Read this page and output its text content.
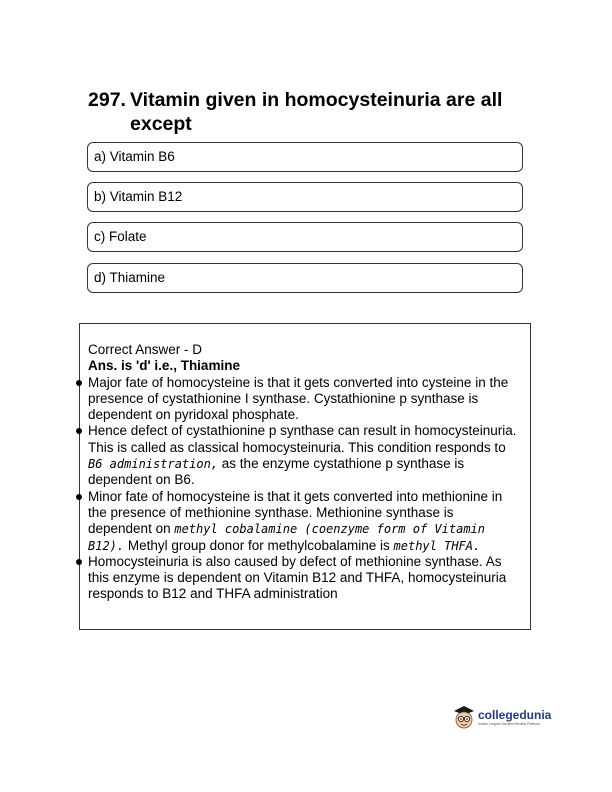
297. Vitamin given in homocysteinuria are all except
a) Vitamin B6
b) Vitamin B12
c) Folate
d) Thiamine
Correct Answer - D
Ans. is 'd' i.e., Thiamine
Major fate of homocysteine is that it gets converted into cysteine in the presence of cystathionine I synthase. Cystathionine p synthase is dependent on pyridoxal phosphate.
Hence defect of cystathionine p synthase can result in homocysteinuria. This is called as classical homocysteinuria. This condition responds to B6 administration, as the enzyme cystathione p synthase is dependent on B6.
Minor fate of homocysteine is that it gets converted into methionine in the presence of methionine synthase. Methionine synthase is dependent on methyl cobalamine (coenzyme form of Vitamin B12). Methyl group donor for methylcobalamine is methyl THFA.
Homocysteinuria is also caused by defect of methionine synthase. As this enzyme is dependent on Vitamin B12 and THFA, homocysteinuria responds to B12 and THFA administration
collegedunia
India's Largest Student Review Platform
